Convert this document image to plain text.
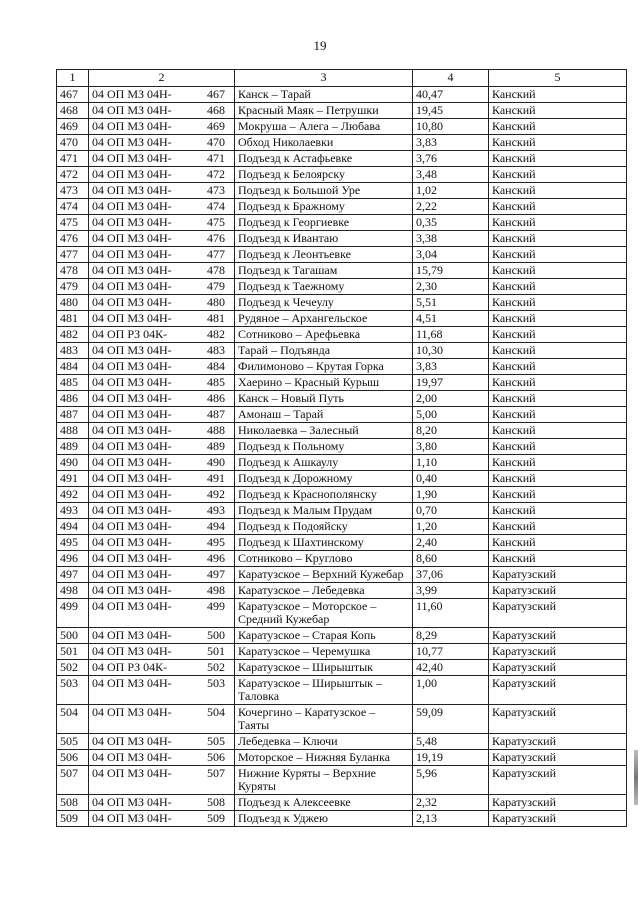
19
1	2	3	4	5
467	04 ОП МЗ 04Н- 467	Канск – Тарай	40,47	Канский
468	04 ОП МЗ 04Н- 468	Красный Маяк – Петрушки	19,45	Канский
469	04 ОП МЗ 04Н- 469	Мокруша – Алега – Любава	10,80	Канский
470	04 ОП МЗ 04Н- 470	Обход Николаевки	3,83	Канский
471	04 ОП МЗ 04Н- 471	Подъезд к Астафьевке	3,76	Канский
472	04 ОП МЗ 04Н- 472	Подъезд к Белоярску	3,48	Канский
473	04 ОП МЗ 04Н- 473	Подъезд к Большой Уре	1,02	Канский
474	04 ОП МЗ 04Н- 474	Подъезд к Бражному	2,22	Канский
475	04 ОП МЗ 04Н- 475	Подъезд к Георгиевке	0,35	Канский
476	04 ОП МЗ 04Н- 476	Подъезд к Ивантаю	3,38	Канский
477	04 ОП МЗ 04Н- 477	Подъезд к Леонтьевке	3,04	Канский
478	04 ОП МЗ 04Н- 478	Подъезд к Тагашам	15,79	Канский
479	04 ОП МЗ 04Н- 479	Подъезд к Таежному	2,30	Канский
480	04 ОП МЗ 04Н- 480	Подъезд к Чечеулу	5,51	Канский
481	04 ОП МЗ 04Н- 481	Рудяное – Архангельское	4,51	Канский
482	04 ОП РЗ 04К- 482	Сотниково – Арефьевка	11,68	Канский
483	04 ОП МЗ 04Н- 483	Тарай – Подъянда	10,30	Канский
484	04 ОП МЗ 04Н- 484	Филимоново – Крутая Горка	3,83	Канский
485	04 ОП МЗ 04Н- 485	Хаерино – Красный Курыш	19,97	Канский
486	04 ОП МЗ 04Н- 486	Канск – Новый Путь	2,00	Канский
487	04 ОП МЗ 04Н- 487	Амонаш – Тарай	5,00	Канский
488	04 ОП МЗ 04Н- 488	Николаевка – Залесный	8,20	Канский
489	04 ОП МЗ 04Н- 489	Подъезд к Польному	3,80	Канский
490	04 ОП МЗ 04Н- 490	Подъезд к Ашкаулу	1,10	Канский
491	04 ОП МЗ 04Н- 491	Подъезд к Дорожному	0,40	Канский
492	04 ОП МЗ 04Н- 492	Подъезд к Краснополянску	1,90	Канский
493	04 ОП МЗ 04Н- 493	Подъезд к Малым Прудам	0,70	Канский
494	04 ОП МЗ 04Н- 494	Подъезд к Подояйску	1,20	Канский
495	04 ОП МЗ 04Н- 495	Подъезд к Шахтинскому	2,40	Канский
496	04 ОП МЗ 04Н- 496	Сотниково – Круглово	8,60	Канский
497	04 ОП МЗ 04Н- 497	Каратузское – Верхний Кужебар	37,06	Каратузский
498	04 ОП МЗ 04Н- 498	Каратузское – Лебедевка	3,99	Каратузский
499	04 ОП МЗ 04Н- 499	Каратузское – Моторское – Средний Кужебар	11,60	Каратузский
500	04 ОП МЗ 04Н- 500	Каратузское – Старая Копь	8,29	Каратузский
501	04 ОП МЗ 04Н- 501	Каратузское – Черемушка	10,77	Каратузский
502	04 ОП РЗ 04К- 502	Каратузское – Ширыштык	42,40	Каратузский
503	04 ОП МЗ 04Н- 503	Каратузское – Ширыштык – Таловка	1,00	Каратузский
504	04 ОП МЗ 04Н- 504	Кочергино – Каратузское – Таяты	59,09	Каратузский
505	04 ОП МЗ 04Н- 505	Лебедевка – Ключи	5,48	Каратузский
506	04 ОП МЗ 04Н- 506	Моторское – Нижняя Буланка	19,19	Каратузский
507	04 ОП МЗ 04Н- 507	Нижние Куряты – Верхние Куряты	5,96	Каратузский
508	04 ОП МЗ 04Н- 508	Подъезд к Алексеевке	2,32	Каратузский
509	04 ОП МЗ 04Н- 509	Подъезд к Уджею	2,13	Каратузский
